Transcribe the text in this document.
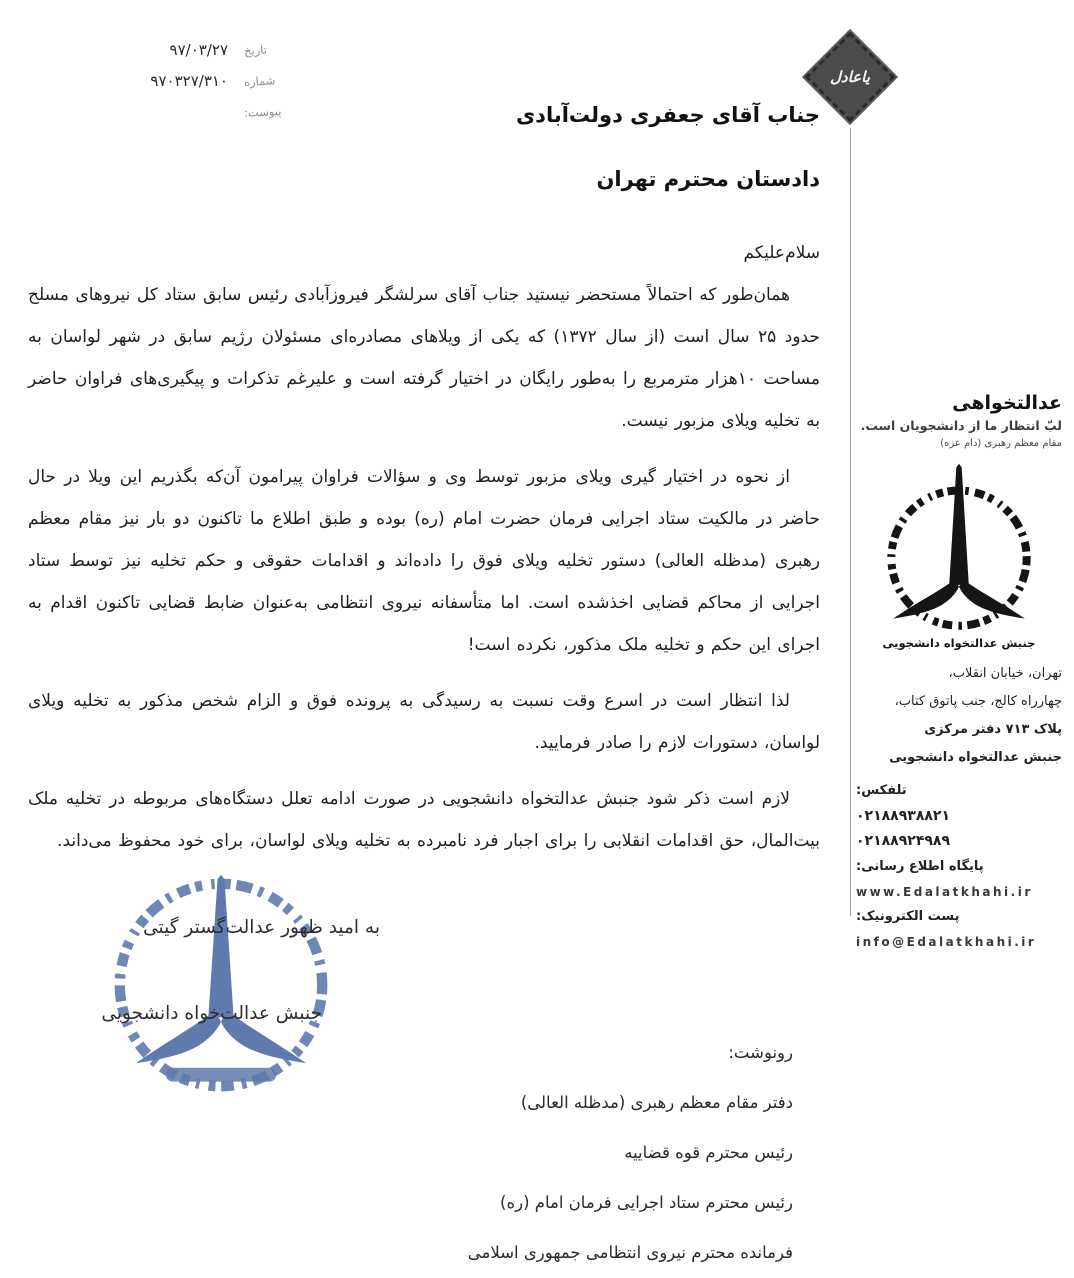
۹۷/۰۳/۲۷	تاریخ
۹۷۰۳۲۷/۳۱۰	شماره
پیوست:
یاعادل
جناب آقای جعفری دولت‌آبادی
دادستان محترم تهران
سلام‌علیکم

همان‌طور که احتمالاً مستحضر نیستید جناب آقای سرلشگر فیروزآبادی رئیس سابق ستاد کل نیروهای مسلح حدود ۲۵ سال است (از سال ۱۳۷۲) که یکی از ویلاهای مصادره‌ای مسئولان رژیم سابق در شهر لواسان به مساحت ۱۰هزار مترمربع را به‌طور رایگان در اختیار گرفته است و علیرغم تذکرات و پیگیری‌های فراوان حاضر به تخلیه ویلای مزبور نیست.

از نحوه در اختیار گیری ویلای مزبور توسط وی و سؤالات فراوان پیرامون آن‌که بگذریم این ویلا در حال حاضر در مالکیت ستاد اجرایی فرمان حضرت امام (ره) بوده و طبق اطلاع ما تاکنون دو بار نیز مقام معظم رهبری (مدظله العالی) دستور تخلیه ویلای فوق را داده‌اند و اقدامات حقوقی و حکم تخلیه نیز توسط ستاد اجرایی از محاکم قضایی اخذشده است. اما متأسفانه نیروی انتظامی به‌عنوان ضابط قضایی تاکنون اقدام به اجرای این حکم و تخلیه ملک مذکور، نکرده است!

لذا انتظار است در اسرع وقت نسبت به رسیدگی به پرونده فوق و الزام شخص مذکور به تخلیه ویلای لواسان، دستورات لازم را صادر فرمایید.

لازم است ذکر شود جنبش عدالتخواه دانشجویی در صورت ادامه تعلل دستگاه‌های مربوطه در تخلیه ملک بیت‌المال، حق اقدامات انقلابی را برای اجبار فرد نامبرده به تخلیه ویلای لواسان، برای خود محفوظ می‌داند.

به امید ظهور عدالت‌گستر گیتی
جنبش عدالت‌خواه دانشجویی
رونوشت:
دفتر مقام معظم رهبری (مدظله العالی)
رئیس محترم قوه قضاییه
رئیس محترم ستاد اجرایی فرمان امام (ره)
فرمانده محترم نیروی انتظامی جمهوری اسلامی
عدالتخواهی
لبّ انتظار ما از دانشجویان است.
مقام معظم رهبری (دام عزه)
جنبش عدالتخواه دانشجویی
تهران، خیابان انقلاب،
چهارراه کالج، جنب پاتوق کتاب،
پلاک ۷۱۳ دفتر مرکزی
جنبش عدالتخواه دانشجویی
تلفکس:
۰۲۱۸۸۹۳۸۸۲۱
۰۲۱۸۸۹۲۴۹۸۹
پایگاه اطلاع رسانی:
www.Edalatkhahi.ir
پست الکترونیک:
info@Edalatkhahi.ir
